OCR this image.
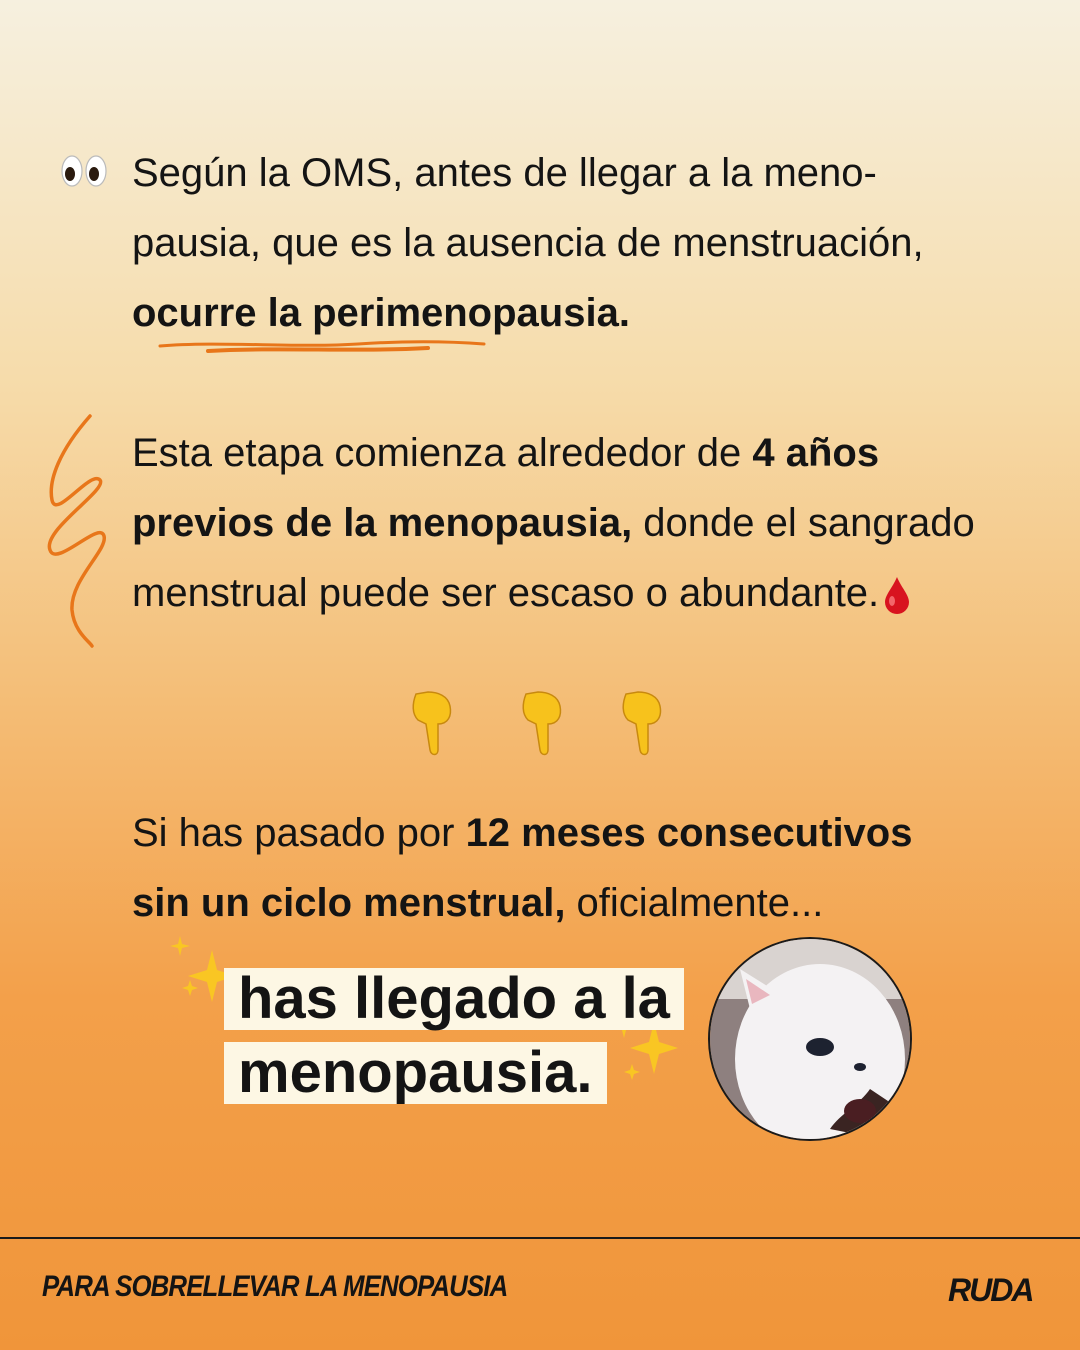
Según la OMS, antes de llegar a la meno-
pausia, que es la ausencia de menstruación,
ocurre la perimenopausia.

Esta etapa comienza alrededor de 4 años
previos de la menopausia, donde el sangrado
menstrual puede ser escaso o abundante.

Si has pasado por 12 meses consecutivos
sin un ciclo menstrual, oficialmente...

has llegado a la
menopausia.
PARA SOBRELLEVAR LA MENOPAUSIA	RUDA
